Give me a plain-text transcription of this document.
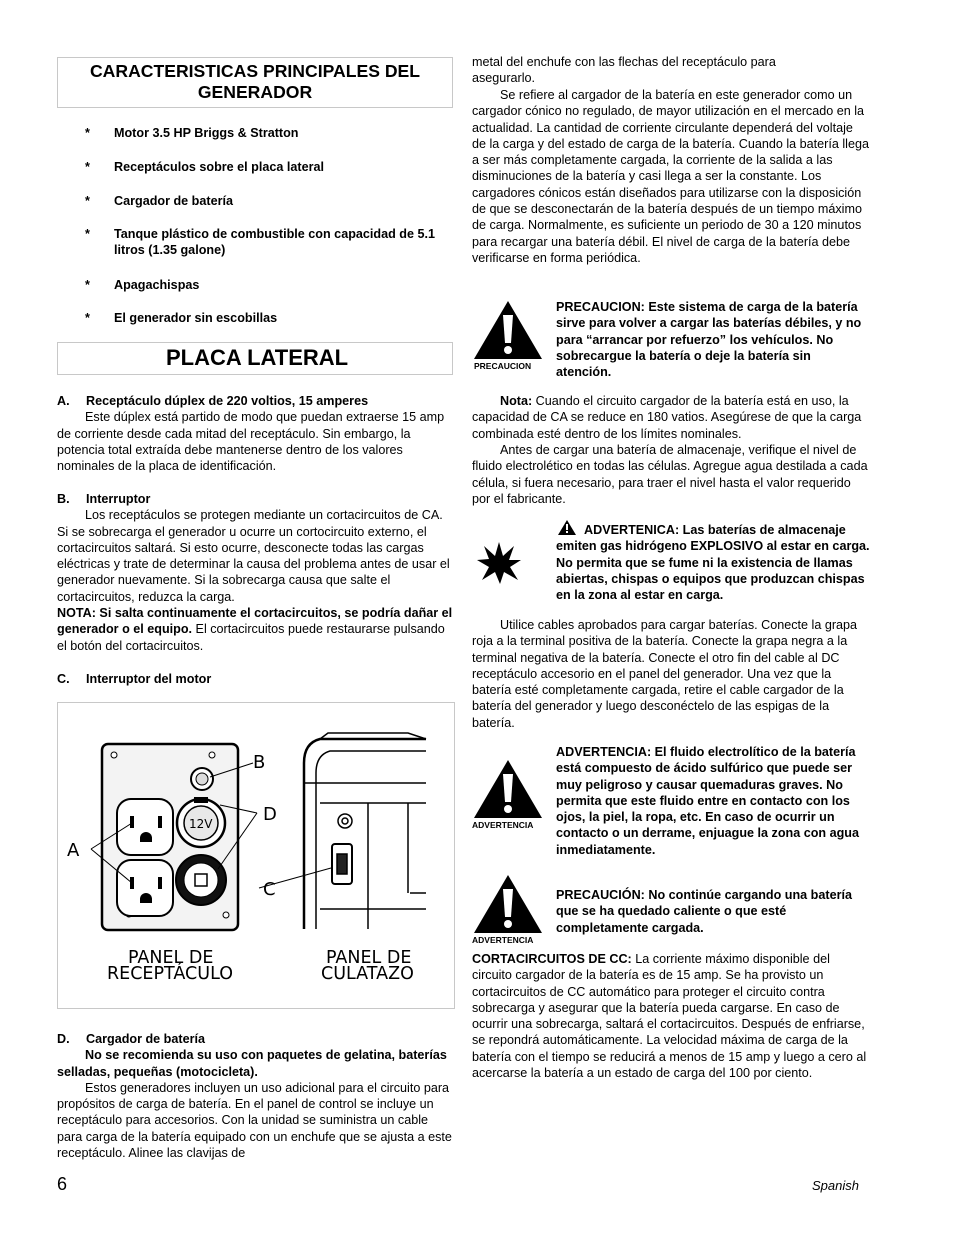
CARACTERISTICAS PRINCIPALES DEL
GENERADOR
* Motor 3.5 HP Briggs & Stratton
* Receptáculos sobre el placa lateral
* Cargador de batería
* Tanque plástico de combustible con capacidad de 5.1 litros (1.35 galone)
* Apagachispas
* El generador sin escobillas
PLACA LATERAL
A. Receptáculo dúplex de 220 voltios, 15 amperes

Este dúplex está partido de modo que puedan extraerse 15 amp de corriente desde cada mitad del receptáculo. Sin embargo, la potencia total extraída debe mantenerse dentro de los valores nominales de la placa de identificación.

B. Interruptor

Los receptáculos se protegen mediante un cortacircuitos de CA. Si se sobrecarga el generador u ocurre un cortocircuito externo, el cortacircuitos saltará. Si esto ocurre, desconecte todas las cargas eléctricas y trate de determinar la causa del problema antes de usar el generador nuevamente. Si la sobrecarga causa que salte el cortacircuitos, reduzca la carga.
NOTA: Si salta continuamente el cortacircuitos, se podría dañar el generador o el equipo. El cortacircuitos puede restaurarse pulsando el botón del cortacircuitos.

C. Interruptor del motor
12V
A
B
D
C
PANEL DE
RECEPTÁCULO
PANEL DE
CULATAZO
D. Cargador de batería

No se recomienda su uso con paquetes de gelatina, baterías selladas, pequeñas (motocicleta).

Estos generadores incluyen un uso adicional para el circuito para propósitos de carga de batería. En el panel de control se incluye un receptáculo para accesorios. Con la unidad se suministra un cable para carga de la batería equipado con un enchufe que se ajusta a este receptáculo. Alinee las clavijas de

metal del enchufe con las flechas del receptáculo para asegurarlo.

Se refiere al cargador de la batería en este generador como un cargador cónico no regulado, de mayor utilización en el mercado en la actualidad. La cantidad de corriente circulante dependerá del voltaje de la carga y del estado de carga de la batería. Cuando la batería llega a ser más completamente cargada, la corriente de la salida a las disminuciones de la batería y casi llega a ser la constante. Los cargadores cónicos están diseñados para utilizarse con la disposición de que se desconectarán de la batería después de un tiempo máximo de carga. Normalmente, es suficiente un periodo de 30 a 120 minutos para recargar una batería débil. El nivel de carga de la batería debe verificarse en forma periódica.

PRECAUCION
PRECAUCION: Este sistema de carga de la batería sirve para volver a cargar las baterías débiles, y no para “arrancar por refuerzo” los vehículos. No sobrecargue la batería o deje la batería sin atención.

Nota: Cuando el circuito cargador de la batería está en uso, la capacidad de CA se reduce en 180 vatios. Asegúrese de que la carga combinada esté dentro de los límites nominales.

Antes de cargar una batería de almacenaje, verifique el nivel de fluido electrolético en todas las células. Agregue agua destilada a cada célula, si fuera necesario, para traer el nivel hasta el valor requerido por el fabricante.

ADVERTENICA: Las baterías de almacenaje emiten gas hidrógeno EXPLOSIVO al estar en carga. No permita que se fume ni la existencia de llamas abiertas, chispas o equipos que produzcan chispas en la zona al estar en carga.

Utilice cables aprobados para cargar baterías. Conecte la grapa roja a la terminal positiva de la batería. Conecte la grapa negra a la terminal negativa de la batería. Conecte el otro fin del cable al DC receptáculo accesorio en el panel del generador. Una vez que la batería esté completamente cargada, retire el cable cargador de la batería del generador y luego desconéctelo de las espigas de la batería.

ADVERTENCIA
ADVERTENCIA: El fluido electrolítico de la batería está compuesto de ácido sulfúrico que puede ser muy peligroso y causar quemaduras graves. No permita que este fluido entre en contacto con los ojos, la piel, la ropa, etc. En caso de ocurrir un contacto o un derrame, enjuague la zona con agua inmediatamente.
ADVERTENCIA
PRECAUCIÓN: No continúe cargando una batería que se ha quedado caliente o que esté completamente cargada.

CORTACIRCUITOS DE CC: La corriente máximo disponible del circuito cargador de la batería es de 15 amp. Se ha provisto un cortacircuitos de CC automático para proteger el circuito contra sobrecarga y asegurar que la batería pueda cargarse. En caso de ocurrir una sobrecarga, saltará el cortacircuitos. Después de enfriarse, se repondrá automáticamente. La velocidad máxima de carga de la batería con el tiempo se reducirá a menos de 15 amp y luego a cero al acercarse la batería a un estado de carga del 100 por ciento.

6	Spanish
